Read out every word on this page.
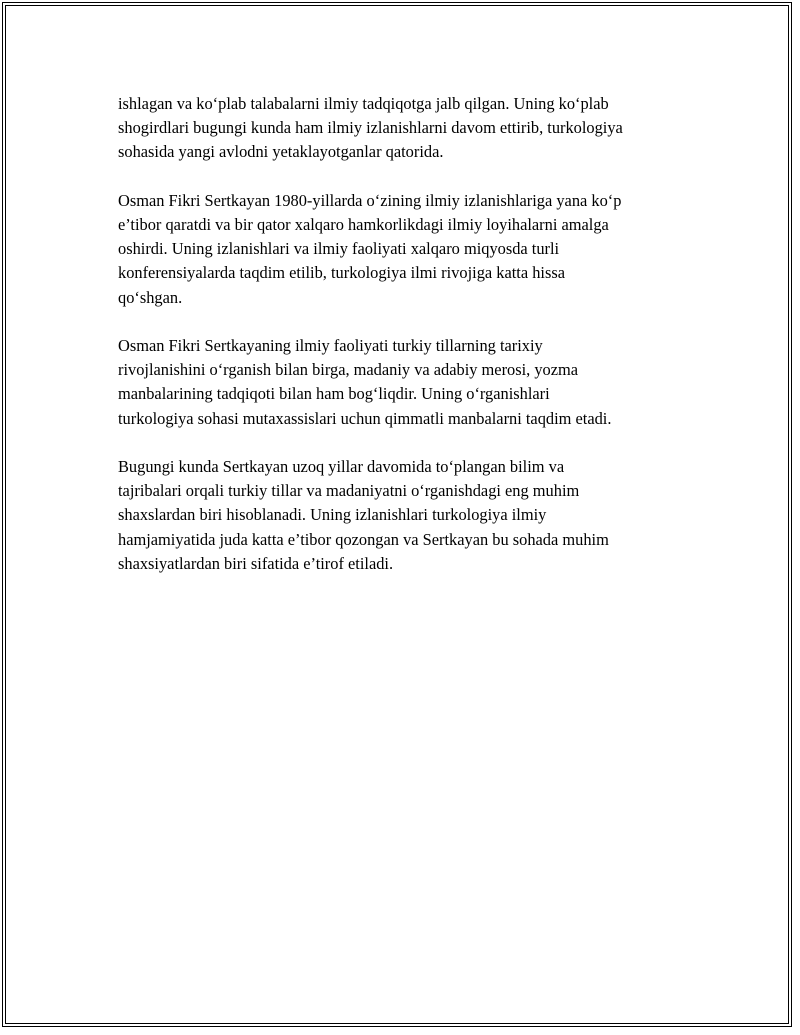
ishlagan va ko‘plab talabalarni ilmiy tadqiqotga jalb qilgan. Uning ko‘plab
shogirdlari bugungi kunda ham ilmiy izlanishlarni davom ettirib, turkologiya
sohasida yangi avlodni yetaklayotganlar qatorida.

Osman Fikri Sertkayan 1980-yillarda o‘zining ilmiy izlanishlariga yana ko‘p
e’tibor qaratdi va bir qator xalqaro hamkorlikdagi ilmiy loyihalarni amalga
oshirdi. Uning izlanishlari va ilmiy faoliyati xalqaro miqyosda turli
konferensiyalarda taqdim etilib, turkologiya ilmi rivojiga katta hissa
qo‘shgan.

Osman Fikri Sertkayaning ilmiy faoliyati turkiy tillarning tarixiy
rivojlanishini o‘rganish bilan birga, madaniy va adabiy merosi, yozma
manbalarining tadqiqoti bilan ham bog‘liqdir. Uning o‘rganishlari
turkologiya sohasi mutaxassislari uchun qimmatli manbalarni taqdim etadi.

Bugungi kunda Sertkayan uzoq yillar davomida to‘plangan bilim va
tajribalari orqali turkiy tillar va madaniyatni o‘rganishdagi eng muhim
shaxslardan biri hisoblanadi. Uning izlanishlari turkologiya ilmiy
hamjamiyatida juda katta e’tibor qozongan va Sertkayan bu sohada muhim
shaxsiyatlardan biri sifatida e’tirof etiladi.
